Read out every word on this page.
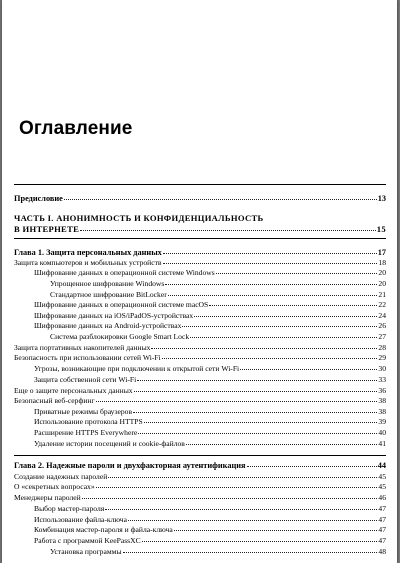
Оглавление
Предисловие	13
ЧАСТЬ I. АНОНИМНОСТЬ И КОНФИДЕНЦИАЛЬНОСТЬ
В ИНТЕРНЕТЕ	15
Глава 1. Защита персональных данных	17
Защита компьютеров и мобильных устройств	18
Шифрование данных в операционной системе Windows	20
Упрощенное шифрование Windows	20
Стандартное шифрование BitLocker	21
Шифрование данных в операционной системе macOS	22
Шифрование данных на iOS/iPadOS-устройствах	24
Шифрование данных на Android-устройствах	26
Система разблокировки Google Smart Lock	27
Защита портативных накопителей данных	28
Безопасность при использовании сетей Wi-Fi	29
Угрозы, возникающие при подключении к открытой сети Wi-Fi	30
Защита собственной сети Wi-Fi	33
Еще о защите персональных данных	36
Безопасный веб-серфинг	38
Приватные режимы браузеров	38
Использование протокола HTTPS	39
Расширение HTTPS Everywhere	40
Удаление истории посещений и cookie-файлов	41
Глава 2. Надежные пароли и двухфакторная аутентификация	44
Создание надежных паролей	45
О «секретных вопросах»	45
Менеджеры паролей	46
Выбор мастер-пароля	47
Использование файла-ключа	47
Комбинация мастер-пароля и файла-ключа	47
Работа с программой KeePassXC	47
Установка программы	48
